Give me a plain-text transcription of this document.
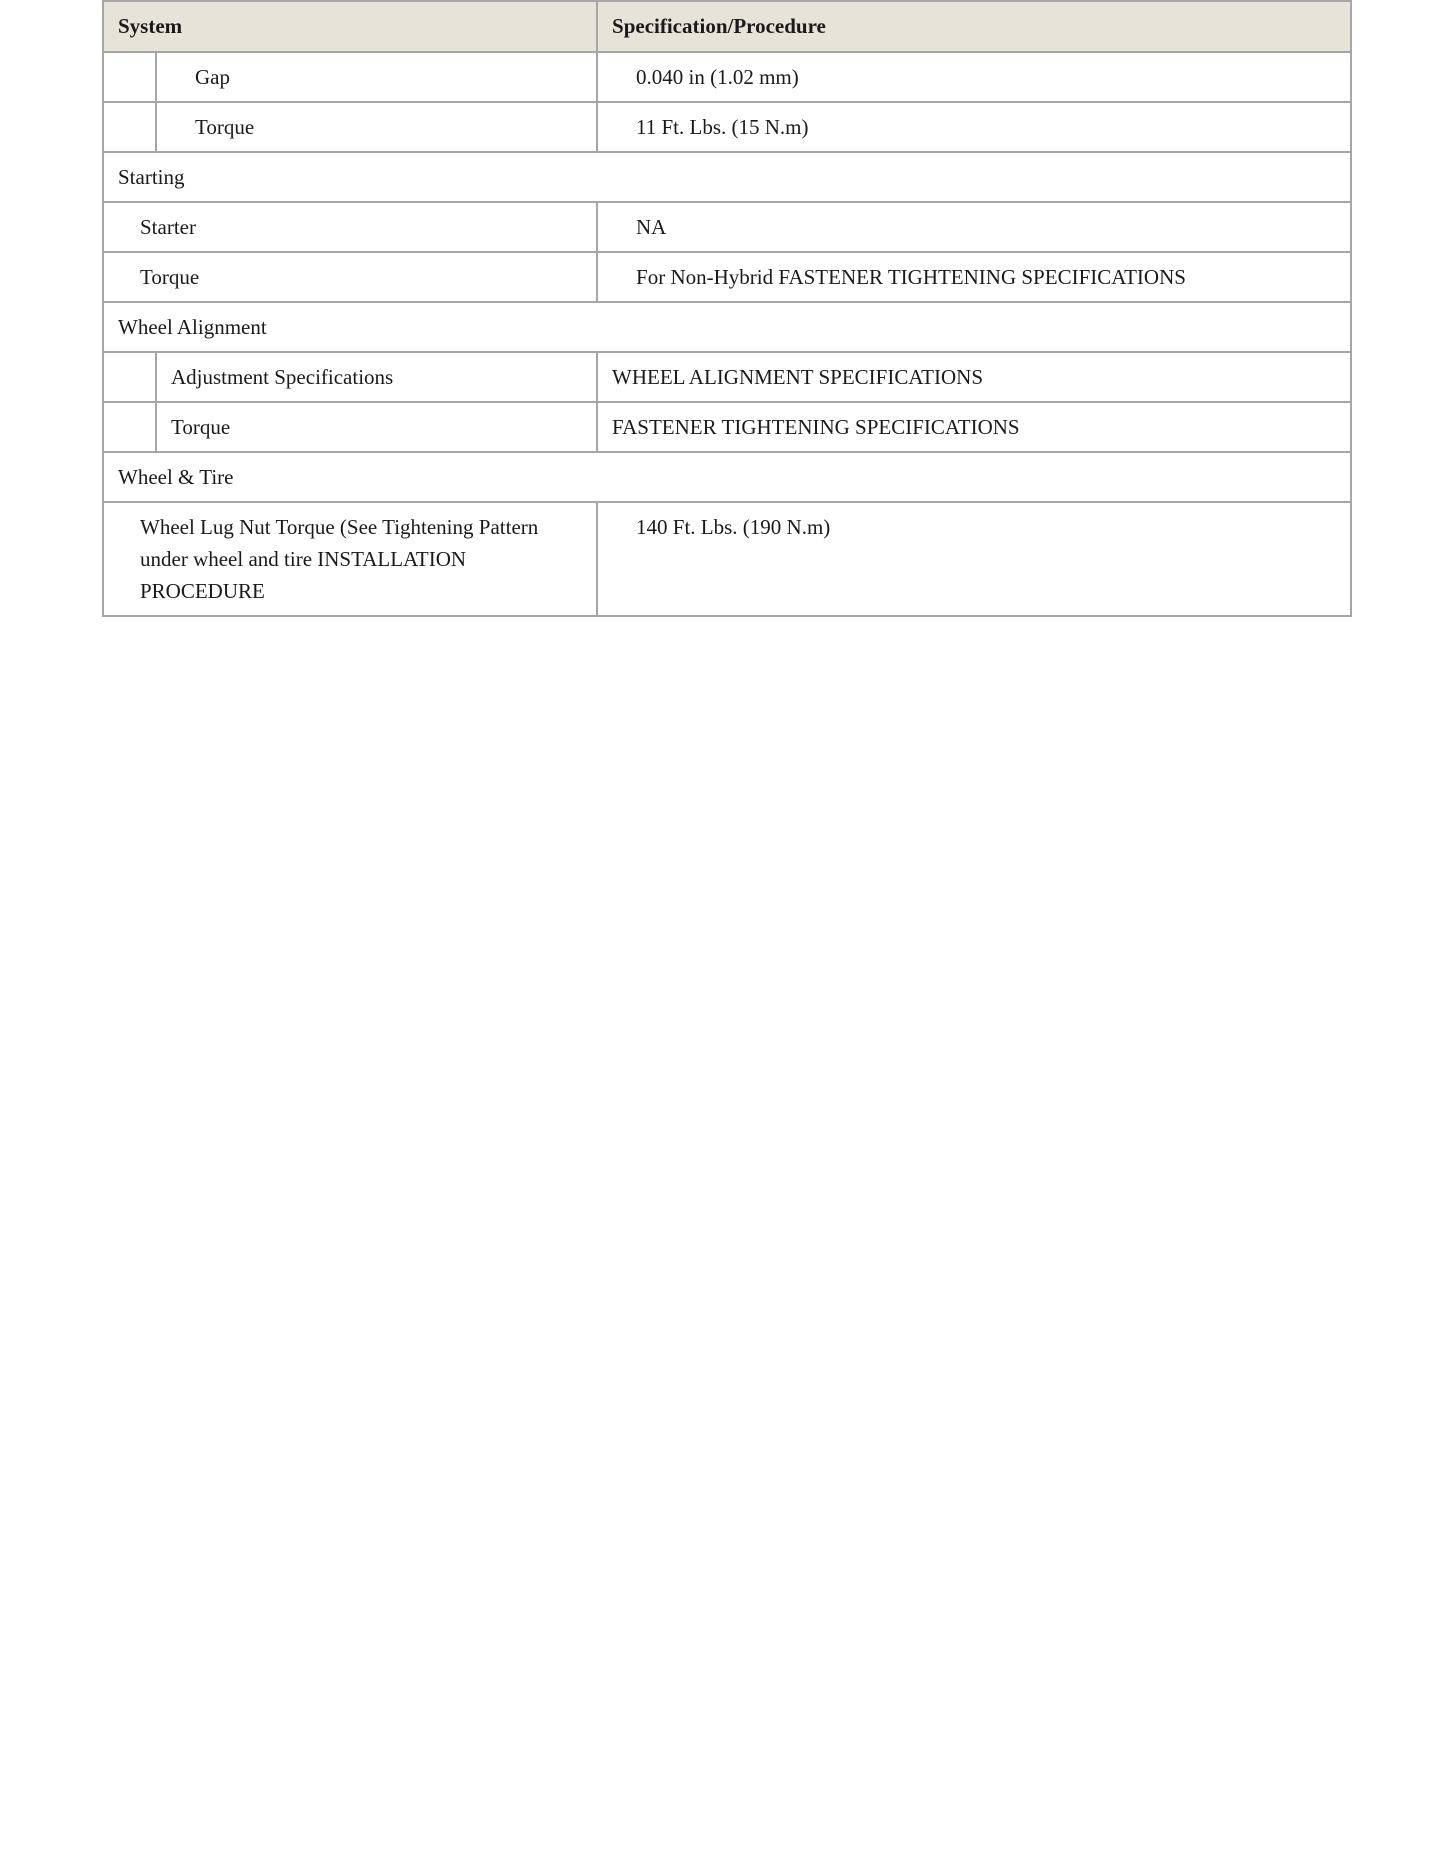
System		Specification/Procedure
	Gap	0.040 in (1.02 mm)
	Torque	11 Ft. Lbs. (15 N.m)
Starting		
Starter		NA
Torque		For Non-Hybrid FASTENER TIGHTENING SPECIFICATIONS
Wheel Alignment		
	Adjustment Specifications	WHEEL ALIGNMENT SPECIFICATIONS
	Torque	FASTENER TIGHTENING SPECIFICATIONS
Wheel & Tire		
Wheel Lug Nut Torque (See Tightening Pattern under wheel and tire INSTALLATION PROCEDURE		140 Ft. Lbs. (190 N.m)
